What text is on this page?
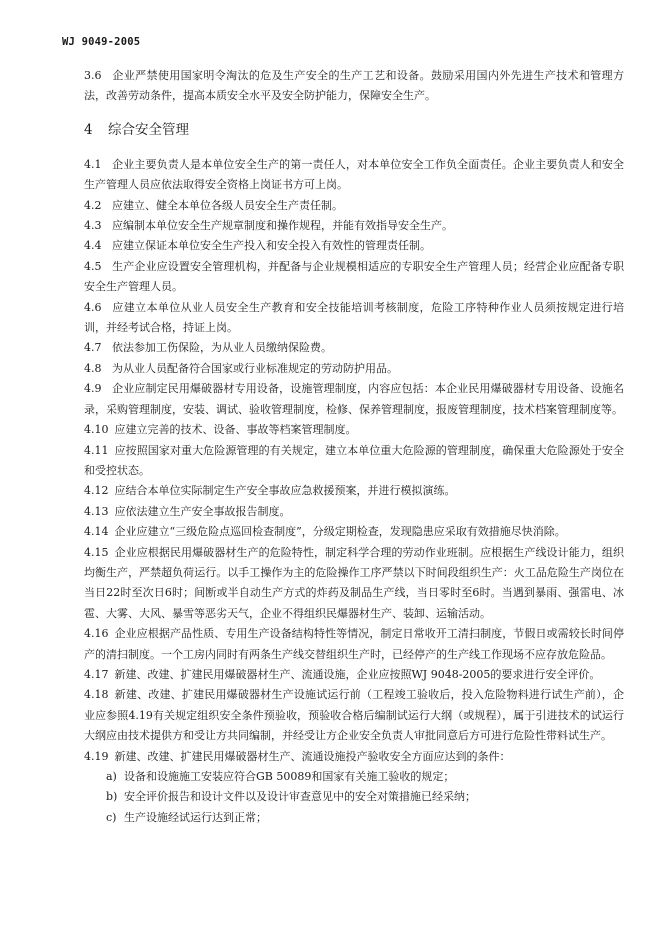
WJ 9049-2005

3.6 企业严禁使用国家明令淘汰的危及生产安全的生产工艺和设备。鼓励采用国内外先进生产技术和管理方法，改善劳动条件，提高本质安全水平及安全防护能力，保障安全生产。

4 综合安全管理

4.1 企业主要负责人是本单位安全生产的第一责任人，对本单位安全工作负全面责任。企业主要负责人和安全生产管理人员应依法取得安全资格上岗证书方可上岗。

4.2 应建立、健全本单位各级人员安全生产责任制。

4.3 应编制本单位安全生产规章制度和操作规程，并能有效指导安全生产。

4.4 应建立保证本单位安全生产投入和安全投入有效性的管理责任制。

4.5 生产企业应设置安全管理机构，并配备与企业规模相适应的专职安全生产管理人员；经营企业应配备专职安全生产管理人员。

4.6 应建立本单位从业人员安全生产教育和安全技能培训考核制度，危险工序特种作业人员须按规定进行培训，并经考试合格，持证上岗。

4.7 依法参加工伤保险，为从业人员缴纳保险费。

4.8 为从业人员配备符合国家或行业标准规定的劳动防护用品。

4.9 企业应制定民用爆破器材专用设备，设施管理制度，内容应包括：本企业民用爆破器材专用设备、设施名录，采购管理制度，安装、调试、验收管理制度，检修、保养管理制度，报废管理制度，技术档案管理制度等。

4.10 应建立完善的技术、设备、事故等档案管理制度。

4.11 应按照国家对重大危险源管理的有关规定，建立本单位重大危险源的管理制度，确保重大危险源处于安全和受控状态。

4.12 应结合本单位实际制定生产安全事故应急救援预案，并进行模拟演练。

4.13 应依法建立生产安全事故报告制度。

4.14 企业应建立“三级危险点巡回检查制度”，分级定期检查，发现隐患应采取有效措施尽快消除。

4.15 企业应根据民用爆破器材生产的危险特性，制定科学合理的劳动作业班制。应根据生产线设计能力，组织均衡生产，严禁超负荷运行。以手工操作为主的危险操作工序严禁以下时间段组织生产：火工品危险生产岗位在当日22时至次日6时；间断或半自动生产方式的炸药及制品生产线，当日零时至6时。当遇到暴雨、强雷电、冰雹、大雾、大风、暴雪等恶劣天气，企业不得组织民爆器材生产、装卸、运输活动。

4.16 企业应根据产品性质、专用生产设备结构特性等情况，制定日常收开工清扫制度，节假日或需较长时间停产的清扫制度。一个工房内同时有两条生产线交替组织生产时，已经停产的生产线工作现场不应存放危险品。

4.17 新建、改建、扩建民用爆破器材生产、流通设施，企业应按照WJ 9048-2005的要求进行安全评价。

4.18 新建、改建、扩建民用爆破器材生产设施试运行前（工程竣工验收后，投入危险物料进行试生产前），企业应参照4.19有关规定组织安全条件预验收，预验收合格后编制试运行大纲（或规程），属于引进技术的试运行大纲应由技术提供方和受让方共同编制，并经受让方企业安全负责人审批同意后方可进行危险性带料试生产。

4.19 新建、改建、扩建民用爆破器材生产、流通设施投产验收安全方面应达到的条件：

a) 设备和设施施工安装应符合GB 50089和国家有关施工验收的规定；

b) 安全评价报告和设计文件以及设计审查意见中的安全对策措施已经采纳；

c) 生产设施经试运行达到正常；
